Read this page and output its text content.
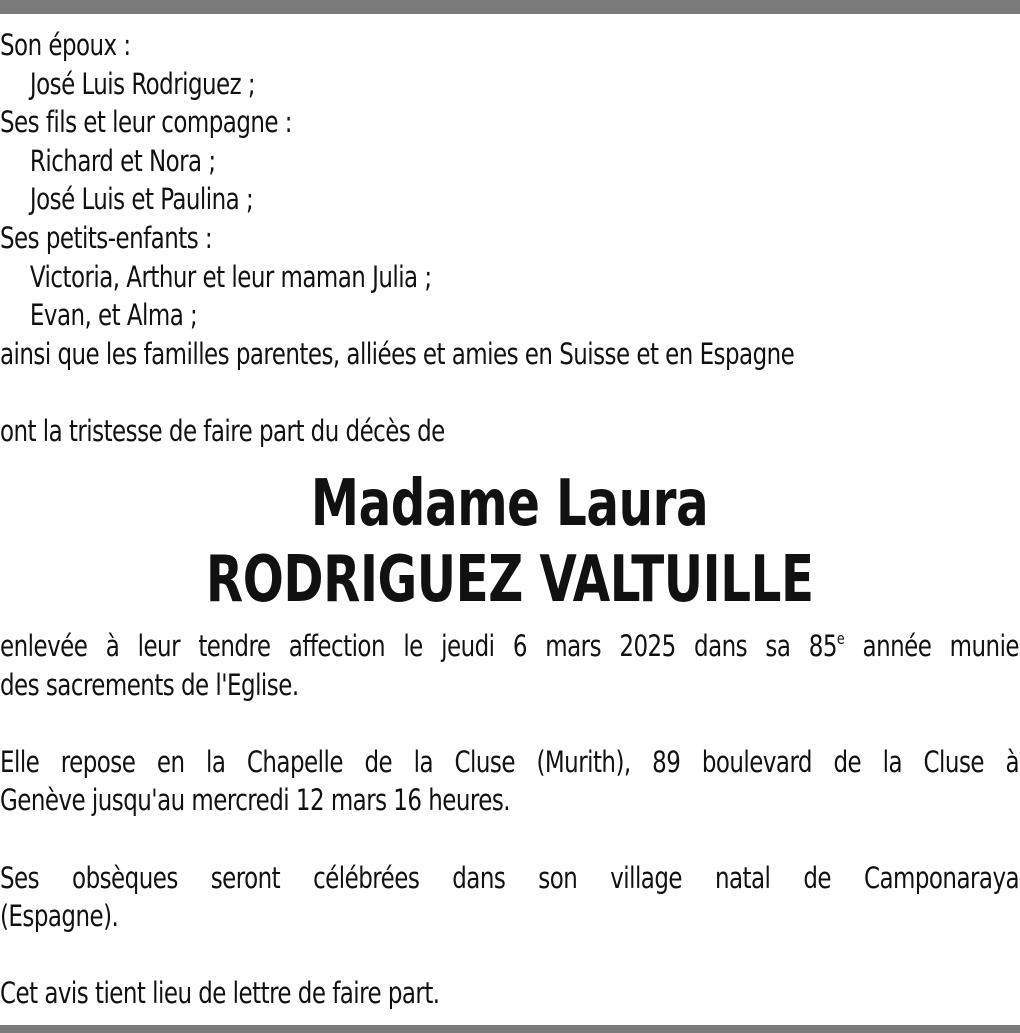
Son époux :
José Luis Rodriguez ;
Ses fils et leur compagne :
Richard et Nora ;
José Luis et Paulina ;
Ses petits-enfants :
Victoria, Arthur et leur maman Julia ;
Evan, et Alma ;
ainsi que les familles parentes, alliées et amies en Suisse et en Espagne
ont la tristesse de faire part du décès de
Madame Laura
RODRIGUEZ VALTUILLE
enlevée à leur tendre affection le jeudi 6 mars 2025 dans sa 85e année munie
des sacrements de l'Eglise.
Elle repose en la Chapelle de la Cluse (Murith), 89 boulevard de la Cluse à
Genève jusqu'au mercredi 12 mars 16 heures.
Ses obsèques seront célébrées dans son village natal de Camponaraya
(Espagne).
Cet avis tient lieu de lettre de faire part.
